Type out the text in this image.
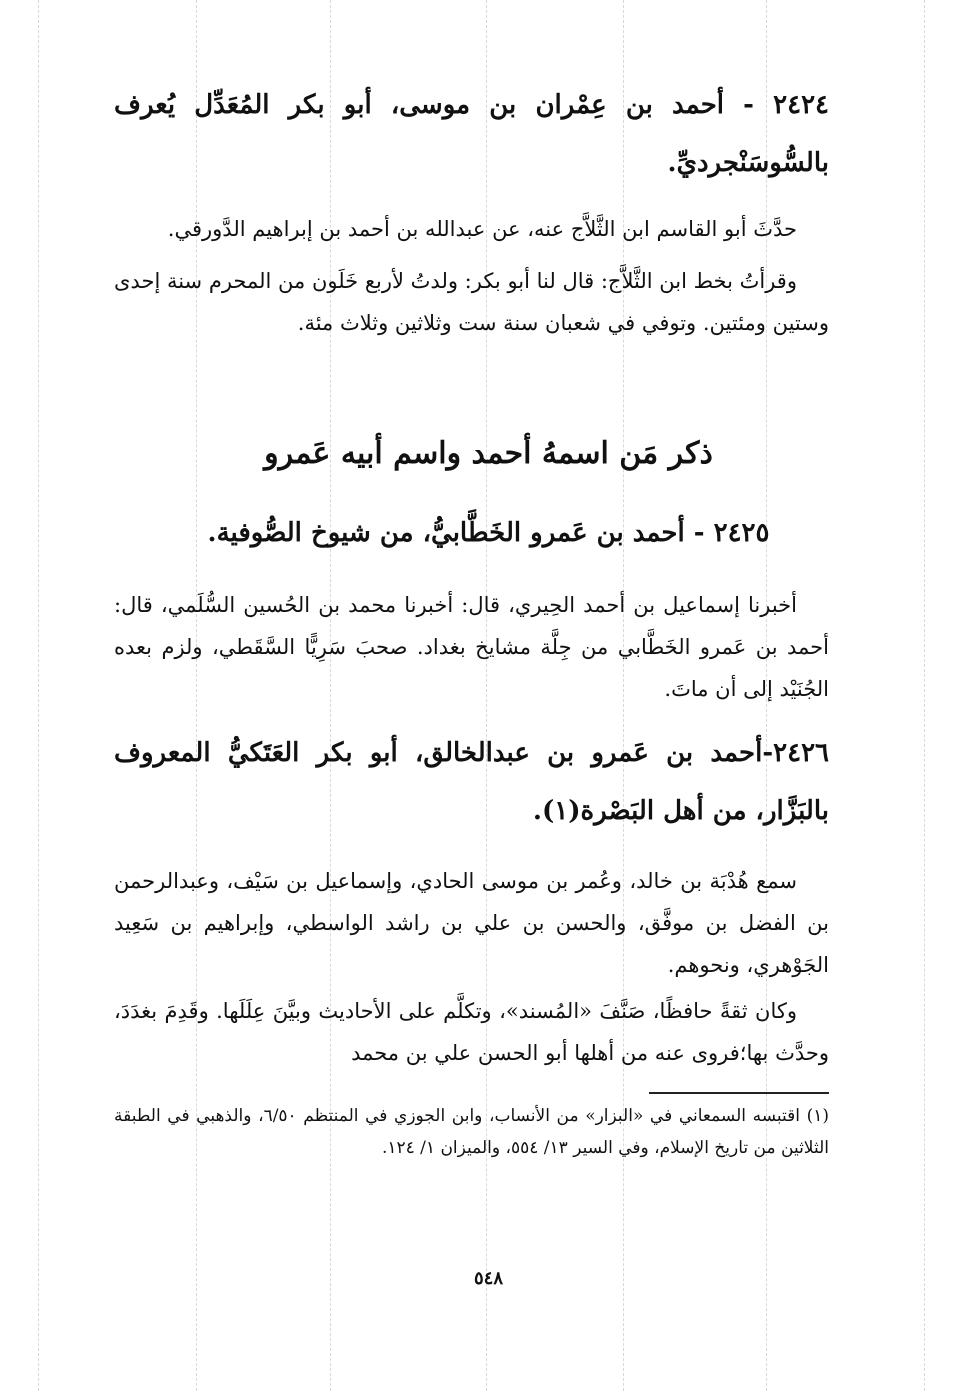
٢٤٢٤ - أحمد بن عِمْران بن موسى، أبو بكر المُعَدِّل يُعرف بالسُّوسَنْجرديِّ.
حدَّثَ أبو القاسم ابن الثَّلاَّج عنه، عن عبدالله بن أحمد بن إبراهيم الدَّورقي.
وقرأتُ بخط ابن الثَّلاَّج: قال لنا أبو بكر: ولدتُ لأربع خَلَون من المحرم سنة إحدى وستين ومئتين. وتوفي في شعبان سنة ست وثلاثين وثلاث مئة.
ذكر مَن اسمهُ أحمد واسم أبيه عَمرو
٢٤٢٥ - أحمد بن عَمرو الخَطَّابيُّ، من شيوخ الصُّوفية.
أخبرنا إسماعيل بن أحمد الحِيري، قال: أخبرنا محمد بن الحُسين السُّلَمي، قال: أحمد بن عَمرو الخَطَّابي من جِلَّة مشايخ بغداد. صحبَ سَرِيًّا السَّقَطي، ولزم بعده الجُنَيْد إلى أن ماتَ.
٢٤٢٦-أحمد بن عَمرو بن عبدالخالق، أبو بكر العَتَكيُّ المعروف بالبَزَّار، من أهل البَصْرة(١).
سمع هُدْبَة بن خالد، وعُمر بن موسى الحادي، وإسماعيل بن سَيْف، وعبدالرحمن بن الفضل بن موفَّق، والحسن بن علي بن راشد الواسطي، وإبراهيم بن سَعِيد الجَوْهري، ونحوهم.
وكان ثقةً حافظًا، صَنَّفَ «المُسند»، وتكلَّم على الأحاديث وبيَّنَ عِلَلَها. وقَدِمَ بغدَدَ، وحدَّث بها؛فروى عنه من أهلها أبو الحسن علي بن محمد
(١) اقتبسه السمعاني في «البزار» من الأنساب، وابن الجوزي في المنتظم ٦/٥٠، والذهبي في الطبقة الثلاثين من تاريخ الإسلام، وفي السير ١٣/ ٥٥٤، والميزان ١/ ١٢٤.
٥٤٨
